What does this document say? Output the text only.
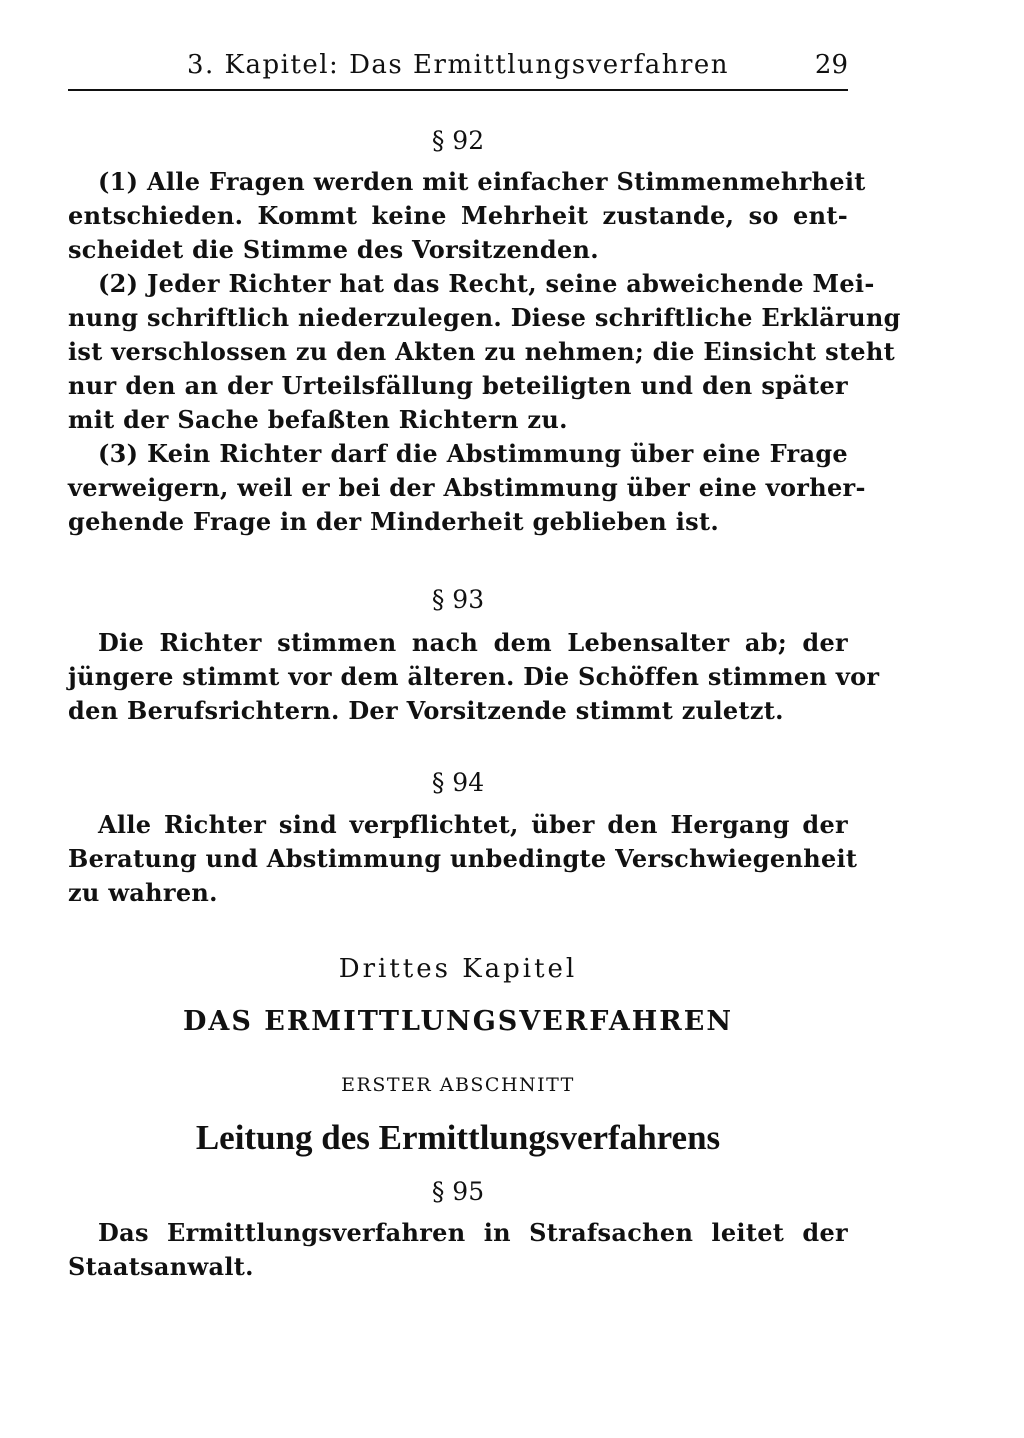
3. Kapitel: Das Ermittlungsverfahren	29
§ 92
(1) Alle Fragen werden mit einfacher Stimmenmehrheit
entschieden. Kommt keine Mehrheit zustande, so ent-
scheidet die Stimme des Vorsitzenden.
(2) Jeder Richter hat das Recht, seine abweichende Mei-
nung schriftlich niederzulegen. Diese schriftliche Erklärung
ist verschlossen zu den Akten zu nehmen; die Einsicht steht
nur den an der Urteilsfällung beteiligten und den später
mit der Sache befaßten Richtern zu.
(3) Kein Richter darf die Abstimmung über eine Frage
verweigern, weil er bei der Abstimmung über eine vorher-
gehende Frage in der Minderheit geblieben ist.
§ 93
Die Richter stimmen nach dem Lebensalter ab; der
jüngere stimmt vor dem älteren. Die Schöffen stimmen vor
den Berufsrichtern. Der Vorsitzende stimmt zuletzt.
§ 94
Alle Richter sind verpflichtet, über den Hergang der
Beratung und Abstimmung unbedingte Verschwiegenheit
zu wahren.
Drittes Kapitel
DAS ERMITTLUNGSVERFAHREN
ERSTER ABSCHNITT
Leitung des Ermittlungsverfahrens
§ 95
Das Ermittlungsverfahren in Strafsachen leitet der
Staatsanwalt.
